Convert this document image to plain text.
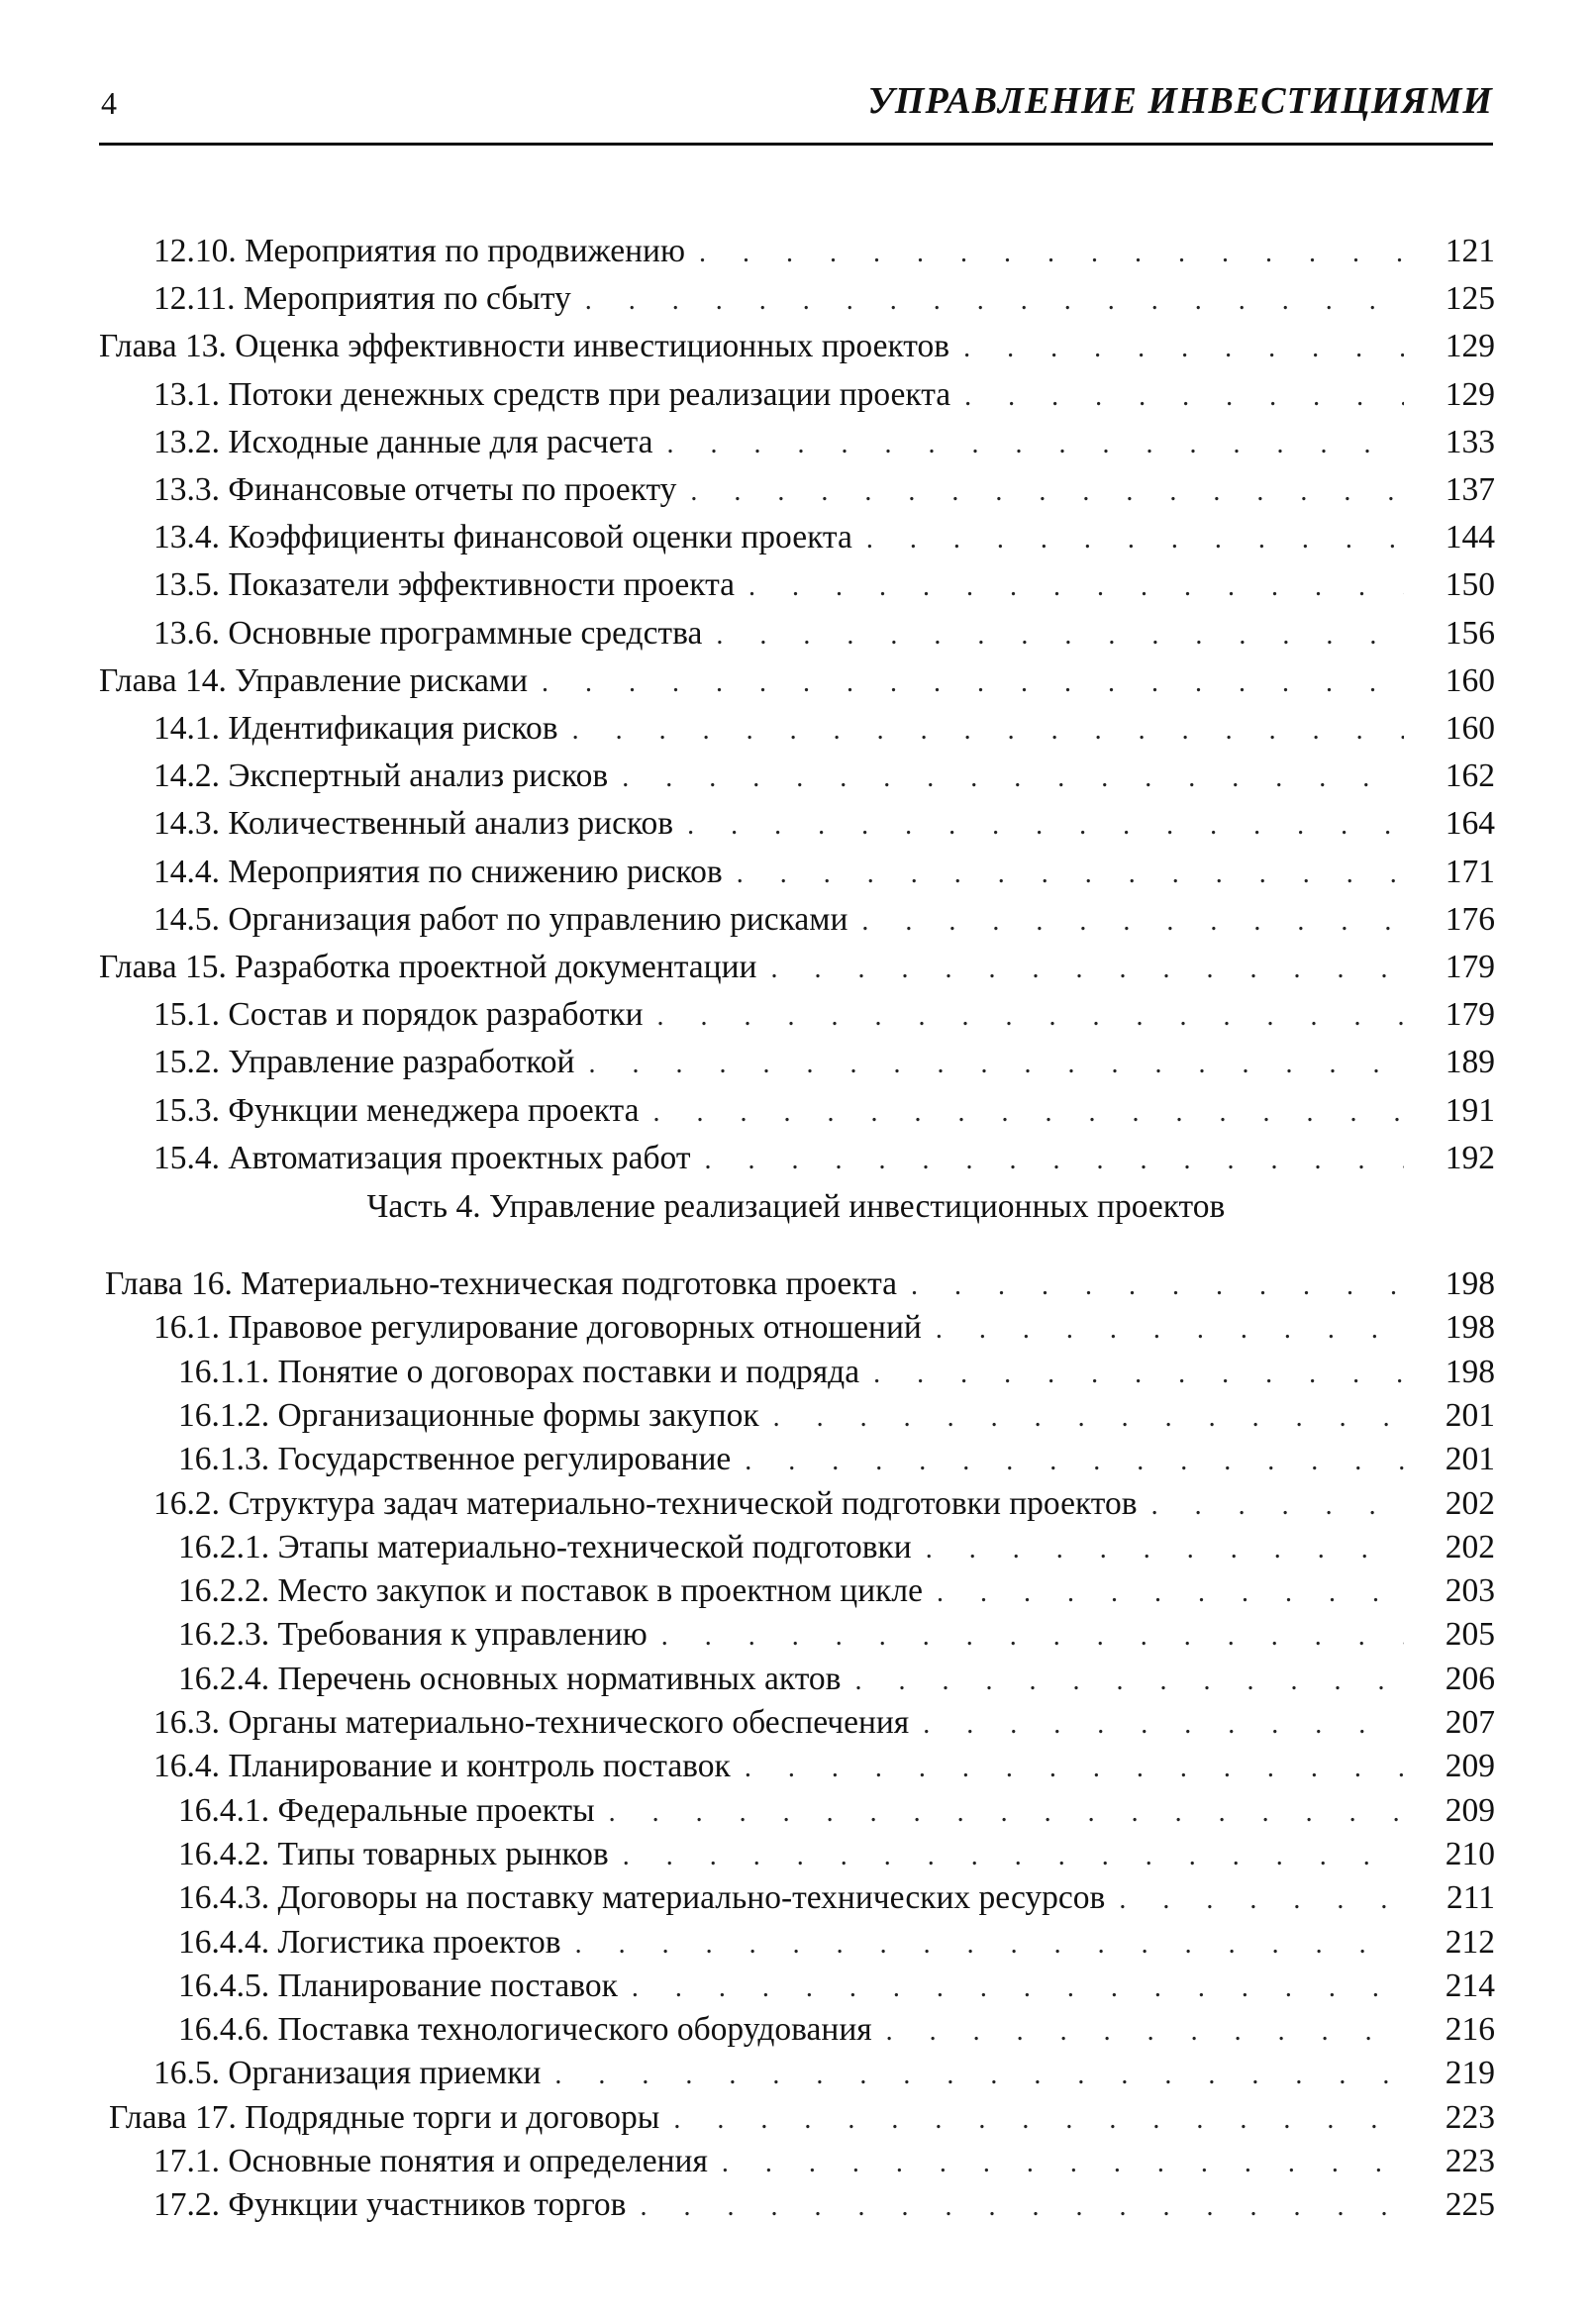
4	УПРАВЛЕНИЕ ИНВЕСТИЦИЯМИ
12.10. Мероприятия по продвижению . . .	121
12.11. Мероприятия по сбыту . . .	125
Глава 13. Оценка эффективности инвестиционных проектов . . .	129
13.1. Потоки денежных средств при реализации проекта . . .	129
13.2. Исходные данные для расчета . . .	133
13.3. Финансовые отчеты по проекту . . .	137
13.4. Коэффициенты финансовой оценки проекта . . .	144
13.5. Показатели эффективности проекта . . .	150
13.6. Основные программные средства . . .	156
Глава 14. Управление рисками . . .	160
14.1. Идентификация рисков . . .	160
14.2. Экспертный анализ рисков . . .	162
14.3. Количественный анализ рисков . . .	164
14.4. Мероприятия по снижению рисков . . .	171
14.5. Организация работ по управлению рисками . . .	176
Глава 15. Разработка проектной документации . . .	179
15.1. Состав и порядок разработки . . .	179
15.2. Управление разработкой . . .	189
15.3. Функции менеджера проекта . . .	191
15.4. Автоматизация проектных работ . . .	192
Часть 4. Управление реализацией инвестиционных проектов
Глава 16. Материально-техническая подготовка проекта . . .	198
16.1. Правовое регулирование договорных отношений . . .	198
16.1.1. Понятие о договорах поставки и подряда . . .	198
16.1.2. Организационные формы закупок . . .	201
16.1.3. Государственное регулирование . . .	201
16.2. Структура задач материально-технической подготовки проектов . . .	202
16.2.1. Этапы материально-технической подготовки . . .	202
16.2.2. Место закупок и поставок в проектном цикле . . .	203
16.2.3. Требования к управлению . . .	205
16.2.4. Перечень основных нормативных актов . . .	206
16.3. Органы материально-технического обеспечения . . .	207
16.4. Планирование и контроль поставок . . .	209
16.4.1. Федеральные проекты . . .	209
16.4.2. Типы товарных рынков . . .	210
16.4.3. Договоры на поставку материально-технических ресурсов . . .	211
16.4.4. Логистика проектов . . .	212
16.4.5. Планирование поставок . . .	214
16.4.6. Поставка технологического оборудования . . .	216
16.5. Организация приемки . . .	219
Глава 17. Подрядные торги и договоры . . .	223
17.1. Основные понятия и определения . . .	223
17.2. Функции участников торгов . . .	225
